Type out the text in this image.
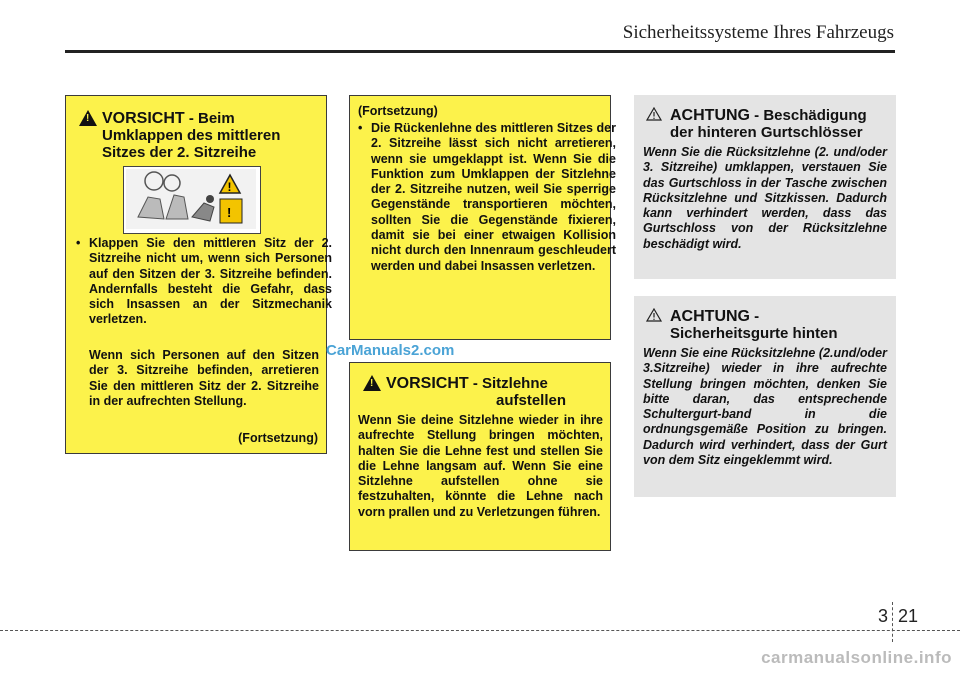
Sicherheitssysteme Ihres Fahrzeugs
!
VORSICHT - Beim
Umklappen des mittleren
Sitzes der 2. Sitzreihe
!
!
• Klappen Sie den mittleren Sitz der 2. Sitzreihe nicht um, wenn sich Personen auf den Sitzen der 3. Sitzreihe befinden. Andernfalls besteht die Gefahr, dass sich Insassen an der Sitzmechanik verletzen.
Wenn sich Personen auf den Sitzen der 3. Sitzreihe befinden, arretieren Sie den mittleren Sitz der 2. Sitzreihe in der aufrechten Stellung.
(Fortsetzung)
(Fortsetzung)
• Die Rückenlehne des mittleren Sitzes der 2. Sitzreihe lässt sich nicht arretieren, wenn sie umgeklappt ist. Wenn Sie die Funktion zum Umklappen der Sitzlehne der 2. Sitzreihe nutzen, weil Sie sperrige Gegenstände transportieren möchten, sollten Sie die Gegenstände fixieren, damit sie bei einer etwaigen Kollision nicht durch den Innenraum geschleudert werden und dabei Insassen verletzen.
CarManuals2.com
!
VORSICHT - Sitzlehne
aufstellen
Wenn Sie deine Sitzlehne wieder in ihre aufrechte Stellung bringen möchten, halten Sie die Lehne fest und stellen Sie die Lehne langsam auf. Wenn Sie eine Sitzlehne aufstellen ohne sie festzuhalten, könnte die Lehne nach vorn prallen und zu Verletzungen führen.
ACHTUNG - Beschädigung
der hinteren Gurtschlösser
Wenn Sie die Rücksitzlehne (2. und/oder 3. Sitzreihe) umklappen, verstauen Sie das Gurtschloss in der Tasche zwischen Rücksitzlehne und Sitzkissen. Dadurch kann verhindert werden, dass das Gurtschloss von der Rücksitzlehne beschädigt wird.
ACHTUNG -
Sicherheitsgurte hinten
Wenn Sie eine Rücksitzlehne (2.und/oder 3.Sitzreihe) wieder in ihre aufrechte Stellung bringen möchten, denken Sie bitte daran, das entsprechende Schultergurt-band in die ordnungsgemäße Position zu bringen. Dadurch wird verhindert, dass der Gurt von dem Sitz eingeklemmt wird.
3 21
carmanualsonline.info
